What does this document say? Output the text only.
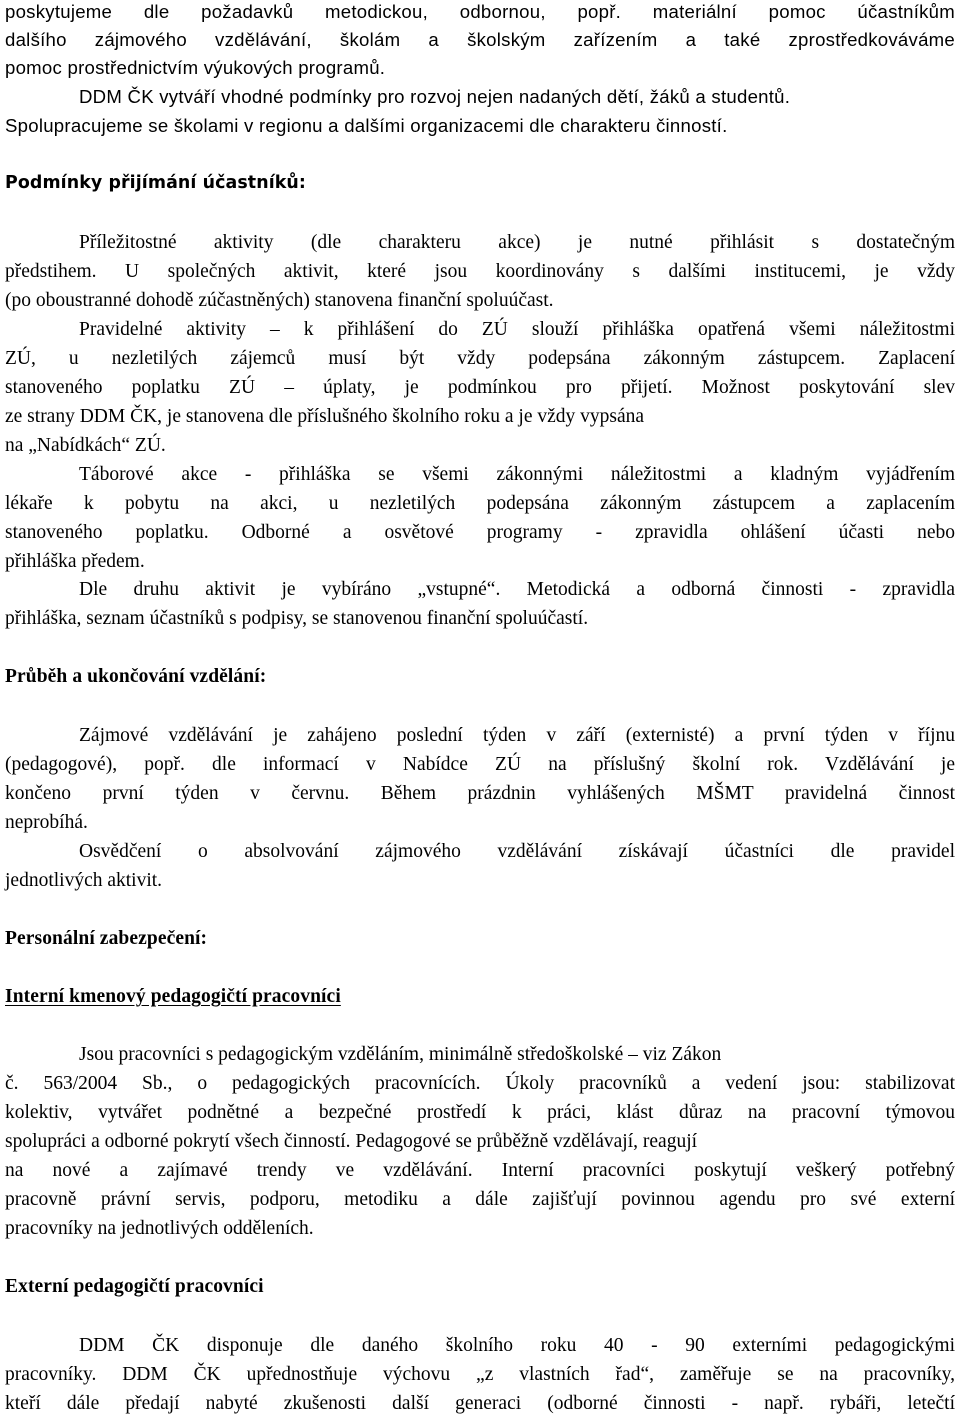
poskytujeme dle požadavků metodickou, odbornou, popř. materiální pomoc účastníkům
dalšího zájmového vzdělávání, školám a školským zařízením a také zprostředkováváme
pomoc prostřednictvím výukových programů.
DDM ČK vytváří vhodné podmínky pro rozvoj nejen nadaných dětí, žáků a studentů.
Spolupracujeme se školami v regionu a dalšími organizacemi dle charakteru činností.
Podmínky přijímání účastníků:
Příležitostné aktivity (dle charakteru akce) je nutné přihlásit s dostatečným
předstihem. U společných aktivit, které jsou koordinovány s dalšími institucemi, je vždy
(po oboustranné dohodě zúčastněných) stanovena finanční spoluúčast.
Pravidelné aktivity – k přihlášení do ZÚ slouží přihláška opatřená všemi náležitostmi
ZÚ, u nezletilých zájemců musí být vždy podepsána zákonným zástupcem. Zaplacení
stanoveného poplatku ZÚ – úplaty, je podmínkou pro přijetí. Možnost poskytování slev
ze strany DDM ČK, je stanovena dle příslušného školního roku a je vždy vypsána
na „Nabídkách“ ZÚ.
Táborové akce - přihláška se všemi zákonnými náležitostmi a kladným vyjádřením
lékaře k pobytu na akci, u nezletilých podepsána zákonným zástupcem a zaplacením
stanoveného poplatku. Odborné a osvětové programy - zpravidla ohlášení účasti nebo
přihláška předem.
Dle druhu aktivit je vybíráno „vstupné“. Metodická a odborná činnosti - zpravidla
přihláška, seznam účastníků s podpisy, se stanovenou finanční spoluúčastí.
Průběh a ukončování vzdělání:
Zájmové vzdělávání je zahájeno poslední týden v září (externisté) a první týden v říjnu
(pedagogové), popř. dle informací v Nabídce ZÚ na příslušný školní rok. Vzdělávání je
končeno první týden v červnu. Během prázdnin vyhlášených MŠMT pravidelná činnost
neprobíhá.
Osvědčení o absolvování zájmového vzdělávání získávají účastníci dle pravidel
jednotlivých aktivit.
Personální zabezpečení:
Interní kmenový pedagogičtí pracovníci
Jsou pracovníci s pedagogickým vzděláním, minimálně středoškolské – viz Zákon
č. 563/2004 Sb., o pedagogických pracovnících. Úkoly pracovníků a vedení jsou: stabilizovat
kolektiv, vytvářet podnětné a bezpečné prostředí k práci, klást důraz na pracovní týmovou
spolupráci a odborné pokrytí všech činností. Pedagogové se průběžně vzdělávají, reagují
na nové a zajímavé trendy ve vzdělávání. Interní pracovníci poskytují veškerý potřebný
pracovně právní servis, podporu, metodiku a dále zajišťují povinnou agendu pro své externí
pracovníky na jednotlivých odděleních.
Externí pedagogičtí pracovníci
DDM ČK disponuje dle daného školního roku 40 - 90 externími pedagogickými
pracovníky. DDM ČK upřednostňuje výchovu „z vlastních řad“, zaměřuje se na pracovníky,
kteří dále předají nabyté zkušenosti další generaci (odborné činnosti - např. rybáři, letečtí
